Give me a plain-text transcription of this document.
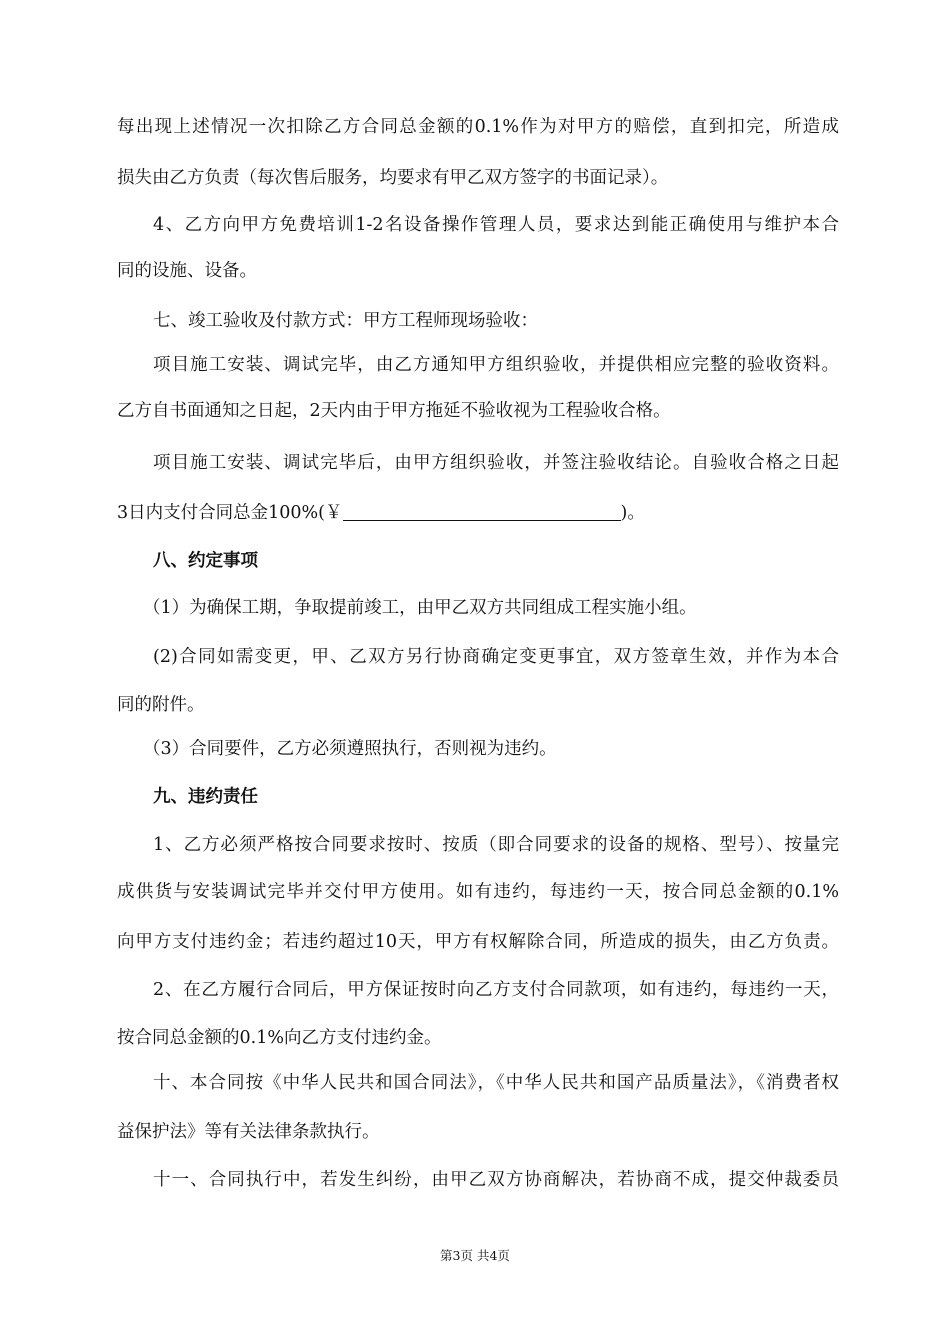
每出现上述情况一次扣除乙方合同总金额的0.1%作为对甲方的赔偿，直到扣完，所造成
损失由乙方负责（每次售后服务，均要求有甲乙双方签字的书面记录）。
4、乙方向甲方免费培训1-2名设备操作管理人员，要求达到能正确使用与维护本合
同的设施、设备。
七、竣工验收及付款方式：甲方工程师现场验收：
项目施工安装、调试完毕，由乙方通知甲方组织验收，并提供相应完整的验收资料。
乙方自书面通知之日起，2天内由于甲方拖延不验收视为工程验收合格。
项目施工安装、调试完毕后，由甲方组织验收，并签注验收结论。自验收合格之日起
3日内支付合同总金100%(￥	)。
八、约定事项
（1）为确保工期，争取提前竣工，由甲乙双方共同组成工程实施小组。
(2)合同如需变更，甲、乙双方另行协商确定变更事宜，双方签章生效，并作为本合
同的附件。
（3）合同要件，乙方必须遵照执行，否则视为违约。
九、违约责任
1、乙方必须严格按合同要求按时、按质（即合同要求的设备的规格、型号）、按量完
成供货与安装调试完毕并交付甲方使用。如有违约，每违约一天，按合同总金额的0.1%
向甲方支付违约金；若违约超过10天，甲方有权解除合同，所造成的损失，由乙方负责。
2、在乙方履行合同后，甲方保证按时向乙方支付合同款项，如有违约，每违约一天，
按合同总金额的0.1%向乙方支付违约金。
十、本合同按《中华人民共和国合同法》，《中华人民共和国产品质量法》，《消费者权
益保护法》等有关法律条款执行。
十一、合同执行中，若发生纠纷，由甲乙双方协商解决，若协商不成，提交仲裁委员
第3页 共4页
